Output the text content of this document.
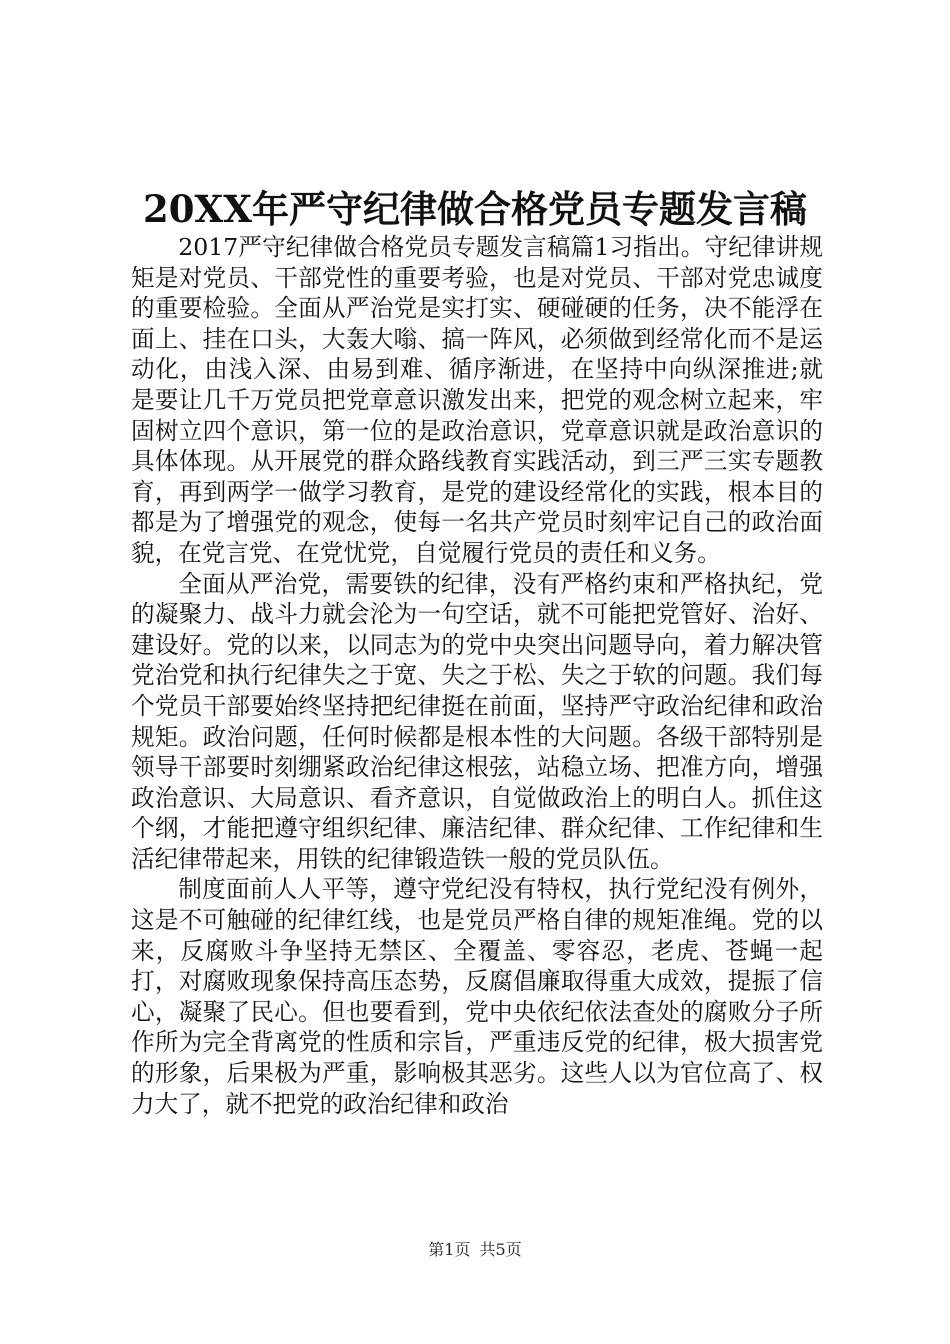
20XX年严守纪律做合格党员专题发言稿

2017严守纪律做合格党员专题发言稿篇1习指出。守纪律讲规矩是对党员、干部党性的重要考验，也是对党员、干部对党忠诚度的重要检验。全面从严治党是实打实、硬碰硬的任务，决不能浮在面上、挂在口头，大轰大嗡、搞一阵风，必须做到经常化而不是运动化，由浅入深、由易到难、循序渐进，在坚持中向纵深推进;就是要让几千万党员把党章意识激发出来，把党的观念树立起来，牢固树立四个意识，第一位的是政治意识，党章意识就是政治意识的具体体现。从开展党的群众路线教育实践活动，到三严三实专题教育，再到两学一做学习教育，是党的建设经常化的实践，根本目的都是为了增强党的观念，使每一名共产党员时刻牢记自己的政治面貌，在党言党、在党忧党，自觉履行党员的责任和义务。

全面从严治党，需要铁的纪律，没有严格约束和严格执纪，党的凝聚力、战斗力就会沦为一句空话，就不可能把党管好、治好、建设好。党的以来，以同志为的党中央突出问题导向，着力解决管党治党和执行纪律失之于宽、失之于松、失之于软的问题。我们每个党员干部要始终坚持把纪律挺在前面，坚持严守政治纪律和政治规矩。政治问题，任何时候都是根本性的大问题。各级干部特别是领导干部要时刻绷紧政治纪律这根弦，站稳立场、把准方向，增强政治意识、大局意识、看齐意识，自觉做政治上的明白人。抓住这个纲，才能把遵守组织纪律、廉洁纪律、群众纪律、工作纪律和生活纪律带起来，用铁的纪律锻造铁一般的党员队伍。

制度面前人人平等，遵守党纪没有特权，执行党纪没有例外，这是不可触碰的纪律红线，也是党员严格自律的规矩准绳。党的以来，反腐败斗争坚持无禁区、全覆盖、零容忍，老虎、苍蝇一起打，对腐败现象保持高压态势，反腐倡廉取得重大成效，提振了信心，凝聚了民心。但也要看到，党中央依纪依法查处的腐败分子所作所为完全背离党的性质和宗旨，严重违反党的纪律，极大损害党的形象，后果极为严重，影响极其恶劣。这些人以为官位高了、权力大了，就不把党的政治纪律和政治

第1页 共5页
